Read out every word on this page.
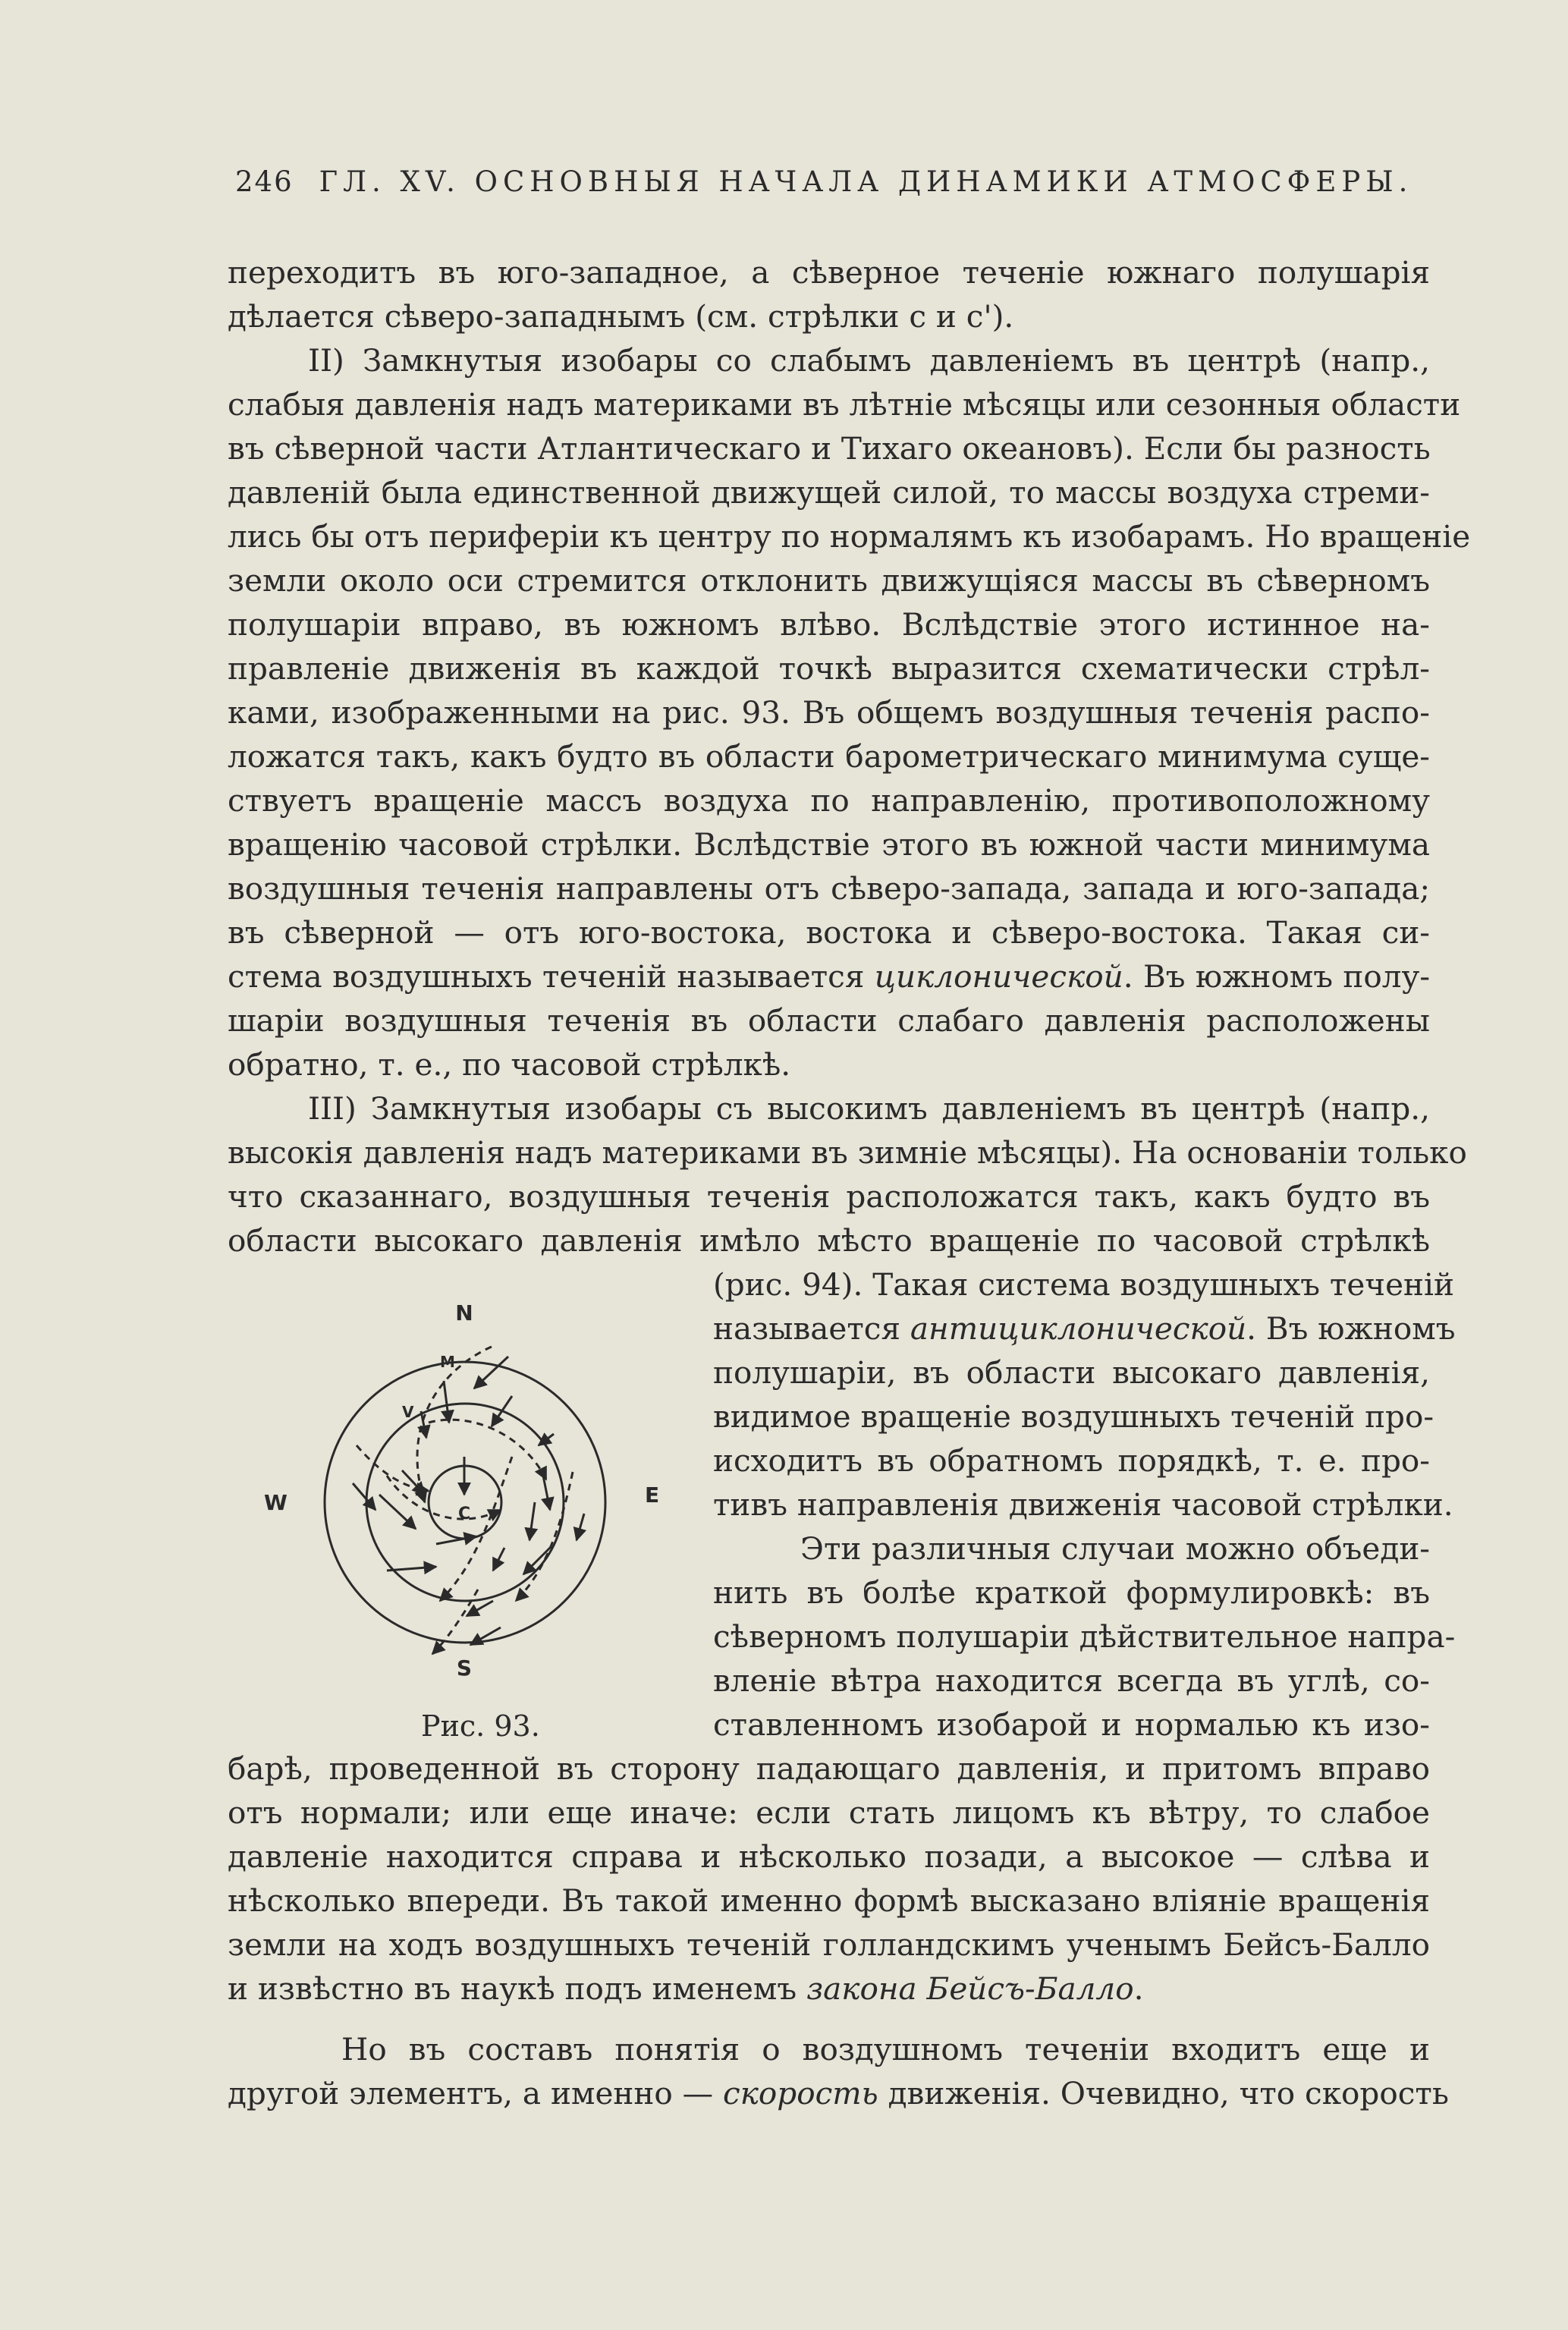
246 ГЛ. XV. ОСНОВНЫЯ НАЧАЛА ДИНАМИКИ АТМОСФЕРЫ.
переходитъ въ юго-западное, а сѣверное теченіе южнаго полушарія
дѣлается сѣверо-западнымъ (см. стрѣлки c и c').
II) Замкнутыя изобары со слабымъ давленіемъ въ центрѣ (напр.,
слабыя давленія надъ материками въ лѣтніе мѣсяцы или сезонныя области
въ сѣверной части Атлантическаго и Тихаго океановъ). Если бы разность
давленій была единственной движущей силой, то массы воздуха стреми-
лись бы отъ периферіи къ центру по нормалямъ къ изобарамъ. Но вращеніе
земли около оси стремится отклонить движущіяся массы въ сѣверномъ
полушаріи вправо, въ южномъ влѣво. Вслѣдствіе этого истинное на-
правленіе движенія въ каждой точкѣ выразится схематически стрѣл-
ками, изображенными на рис. 93. Въ общемъ воздушныя теченія распо-
ложатся такъ, какъ будто въ области барометрическаго минимума суще-
ствуетъ вращеніе массъ воздуха по направленію, противоположному
вращенію часовой стрѣлки. Вслѣдствіе этого въ южной части минимума
воздушныя теченія направлены отъ сѣверо-запада, запада и юго-запада;
въ сѣверной — отъ юго-востока, востока и сѣверо-востока. Такая си-
стема воздушныхъ теченій называется циклонической. Въ южномъ полу-
шаріи воздушныя теченія въ области слабаго давленія расположены
обратно, т. е., по часовой стрѣлкѣ.
III) Замкнутыя изобары съ высокимъ давленіемъ въ центрѣ (напр.,
высокія давленія надъ материками въ зимніе мѣсяцы). На основаніи только
что сказаннаго, воздушныя теченія расположатся такъ, какъ будто въ
области высокаго давленія имѣло мѣсто вращеніе по часовой стрѣлкѣ
(рис. 94). Такая система воздушныхъ теченій
называется антициклонической. Въ южномъ
полушаріи, въ области высокаго давленія,
видимое вращеніе воздушныхъ теченій про-
исходитъ въ обратномъ порядкѣ, т. е. про-
тивъ направленія движенія часовой стрѣлки.
Эти различныя случаи можно объеди-
нить въ болѣе краткой формулировкѣ: въ
сѣверномъ полушаріи дѣйствительное напра-
вленіе вѣтра находится всегда въ углѣ, со-
ставленномъ изобарой и нормалью къ изо-
барѣ, проведенной въ сторону падающаго давленія, и притомъ вправо
отъ нормали; или еще иначе: если стать лицомъ къ вѣтру, то слабое
давленіе находится справа и нѣсколько позади, а высокое — слѣва и
нѣсколько впереди. Въ такой именно формѣ высказано вліяніе вращенія
земли на ходъ воздушныхъ теченій голландскимъ ученымъ Бейсъ-Балло
и извѣстно въ наукѣ подъ именемъ закона Бейсъ-Балло.
Но въ составъ понятія о воздушномъ теченіи входитъ еще и
другой элементъ, а именно — скорость движенія. Очевидно, что скорость
N
S
W	E
M
V
C
Рис. 93.
